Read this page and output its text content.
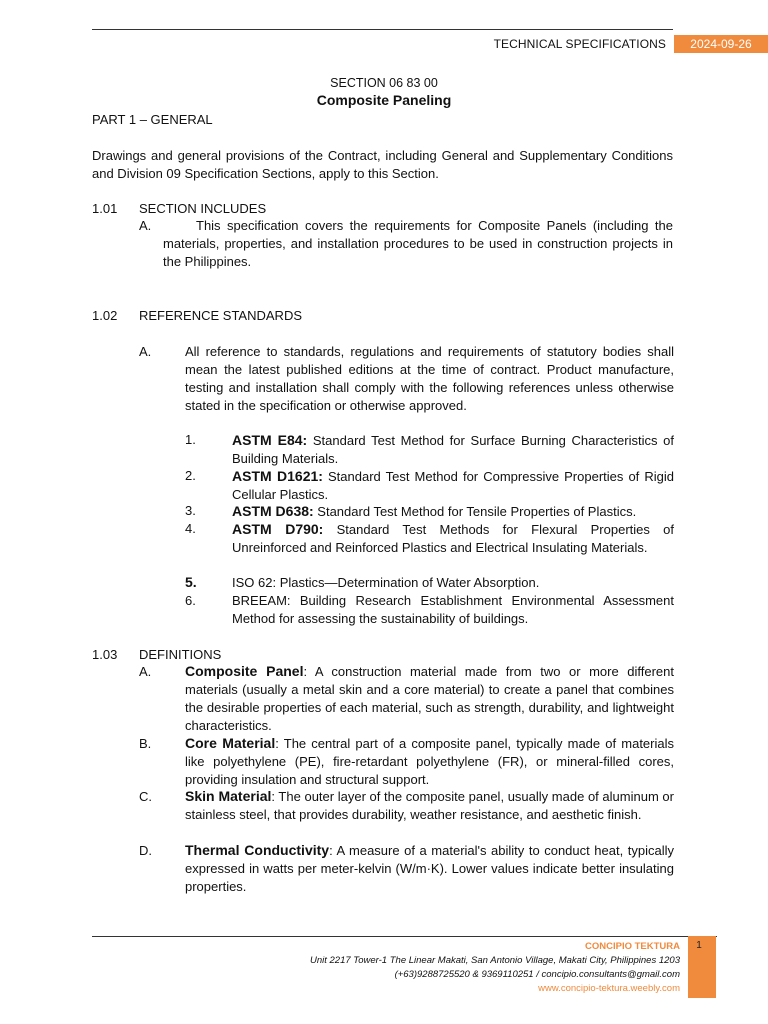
TECHNICAL SPECIFICATIONS	2024-09-26
SECTION 06 83 00
Composite Paneling
PART 1 – GENERAL
Drawings and general provisions of the Contract, including General and Supplementary Conditions and Division 09 Specification Sections, apply to this Section.
1.01 SECTION INCLUDES
A.	This specification covers the requirements for Composite Panels (including the materials, properties, and installation procedures to be used in construction projects in the Philippines.
1.02 REFERENCE STANDARDS
A.	All reference to standards, regulations and requirements of statutory bodies shall mean the latest published editions at the time of contract. Product manufacture, testing and installation shall comply with the following references unless otherwise stated in the specification or otherwise approved.
1.	ASTM E84: Standard Test Method for Surface Burning Characteristics of Building Materials.
2.	ASTM D1621: Standard Test Method for Compressive Properties of Rigid Cellular Plastics.
3.	ASTM D638: Standard Test Method for Tensile Properties of Plastics.
4.	ASTM D790: Standard Test Methods for Flexural Properties of Unreinforced and Reinforced Plastics and Electrical Insulating Materials.
5.	ISO 62: Plastics—Determination of Water Absorption.
6.	BREEAM: Building Research Establishment Environmental Assessment Method for assessing the sustainability of buildings.
1.03 DEFINITIONS
A. Composite Panel: A construction material made from two or more different materials (usually a metal skin and a core material) to create a panel that combines the desirable properties of each material, such as strength, durability, and lightweight characteristics.
B. Core Material: The central part of a composite panel, typically made of materials like polyethylene (PE), fire-retardant polyethylene (FR), or mineral-filled cores, providing insulation and structural support.
C. Skin Material: The outer layer of the composite panel, usually made of aluminum or stainless steel, that provides durability, weather resistance, and aesthetic finish.
D. Thermal Conductivity: A measure of a material's ability to conduct heat, typically expressed in watts per meter-kelvin (W/m·K). Lower values indicate better insulating properties.
CONCIPIO TEKTURA
Unit 2217 Tower-1 The Linear Makati, San Antonio Village, Makati City, Philippines 1203
(+63)9288725520 & 9369110251 / concipio.consultants@gmail.com
www.concipio-tektura.weebly.com
1
